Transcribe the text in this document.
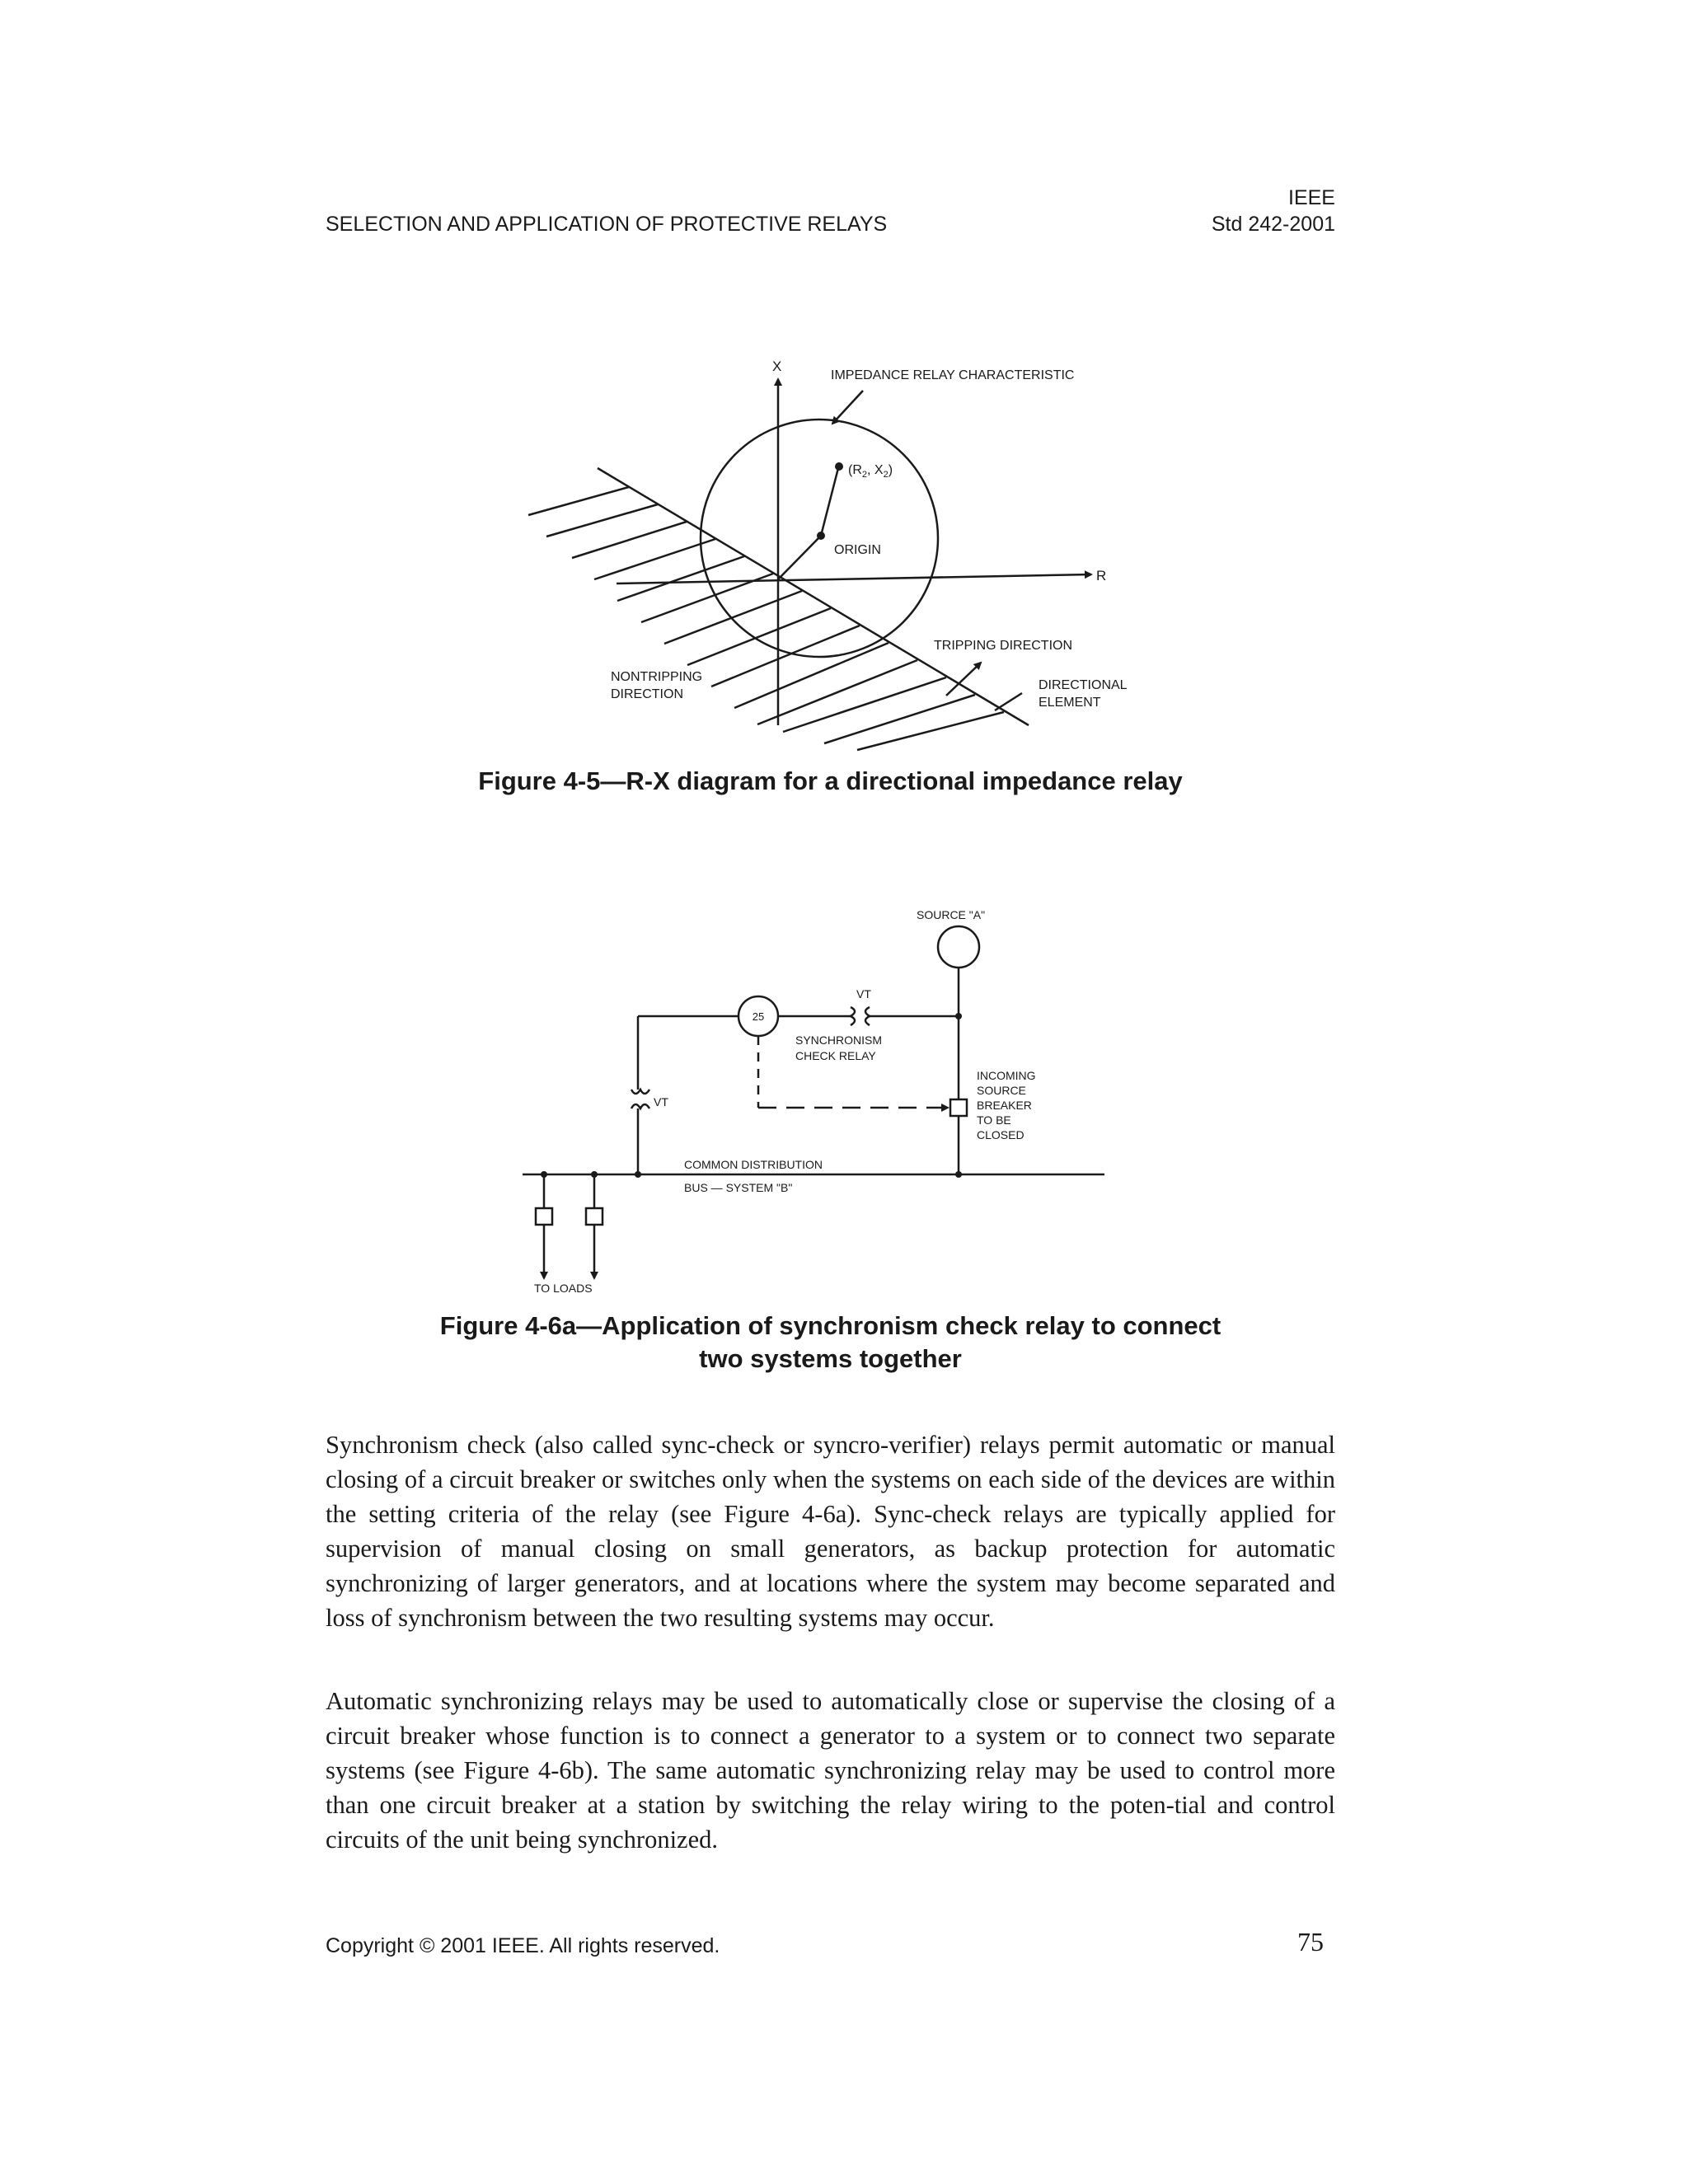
SELECTION AND APPLICATION OF PROTECTIVE RELAYS

IEEE

Std 242-2001

X
R
IMPEDANCE RELAY CHARACTERISTIC
($R_2$, $X_2$)
ORIGIN
TRIPPING DIRECTION
NONTRIPPING
DIRECTION
DIRECTIONAL
ELEMENT

Figure 4-5—R-X diagram for a directional impedance relay

SOURCE "A"
VT
25
SYNCHRONISM
CHECK RELAY
VT
INCOMING
SOURCE
BREAKER
TO BE
CLOSED
COMMON DISTRIBUTION
BUS — SYSTEM "B"
TO LOADS

Figure 4-6a—Application of synchronism check relay to connect
two systems together

Synchronism check (also called sync-check or syncro-verifier) relays permit automatic or manual closing of a circuit breaker or switches only when the systems on each side of the devices are within the setting criteria of the relay (see Figure 4-6a). Sync-check relays are typically applied for supervision of manual closing on small generators, as backup protection for automatic synchronizing of larger generators, and at locations where the system may become separated and loss of synchronism between the two resulting systems may occur.

Automatic synchronizing relays may be used to automatically close or supervise the closing of a circuit breaker whose function is to connect a generator to a system or to connect two separate systems (see Figure 4-6b). The same automatic synchronizing relay may be used to control more than one circuit breaker at a station by switching the relay wiring to the poten-tial and control circuits of the unit being synchronized.

Copyright © 2001 IEEE. All rights reserved.	75
